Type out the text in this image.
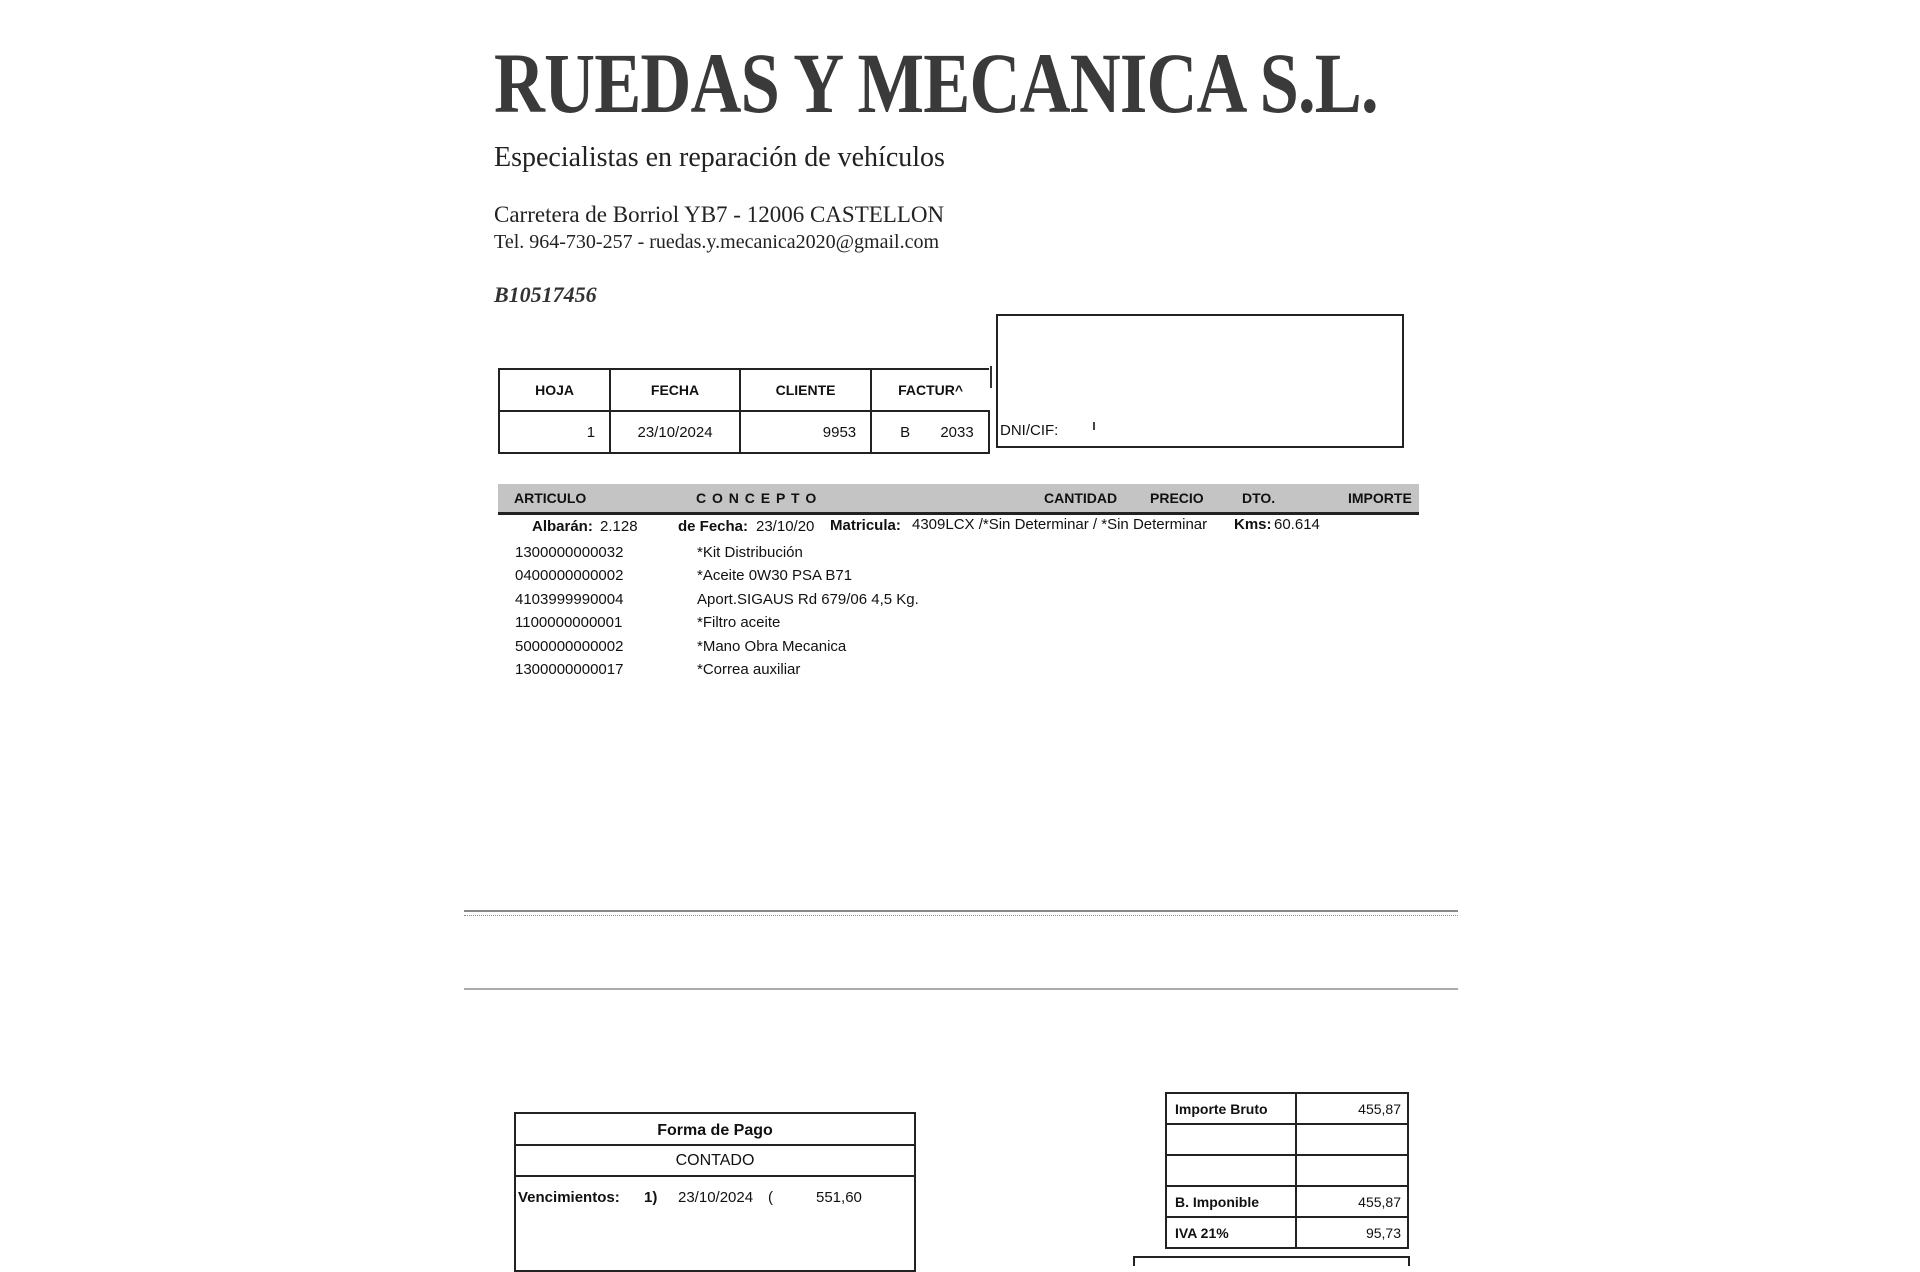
RUEDAS Y MECANICA S.L.
Especialistas en reparación de vehículos
Carretera de Borriol YB7 - 12006 CASTELLON
Tel. 964-730-257 - ruedas.y.mecanica2020@gmail.com
B10517456
DNI/CIF:
HOJA	FECHA	CLIENTE	FACTUR^
1	23/10/2024	9953	B 2033
ARTICULO	C O N C E P T O	CANTIDAD PRECIO	DTO.	IMPORTE
Albarán: 2.128	de Fecha: 23/10/20 Matricula: 4309LCX /*Sin Determinar / *Sin Determinar Kms: 60.614
1300000000032	*Kit Distribución
0400000000002	*Aceite 0W30 PSA B71
4103999990004	Aport.SIGAUS Rd 679/06 4,5 Kg.
1100000000001	*Filtro aceite
5000000000002	*Mano Obra Mecanica
1300000000017	*Correa auxiliar
Forma de Pago
CONTADO
Vencimientos: 1) 23/10/2024 (	551,60
Importe Bruto	455,87

B. Imponible	455,87
IVA 21%	95,73
